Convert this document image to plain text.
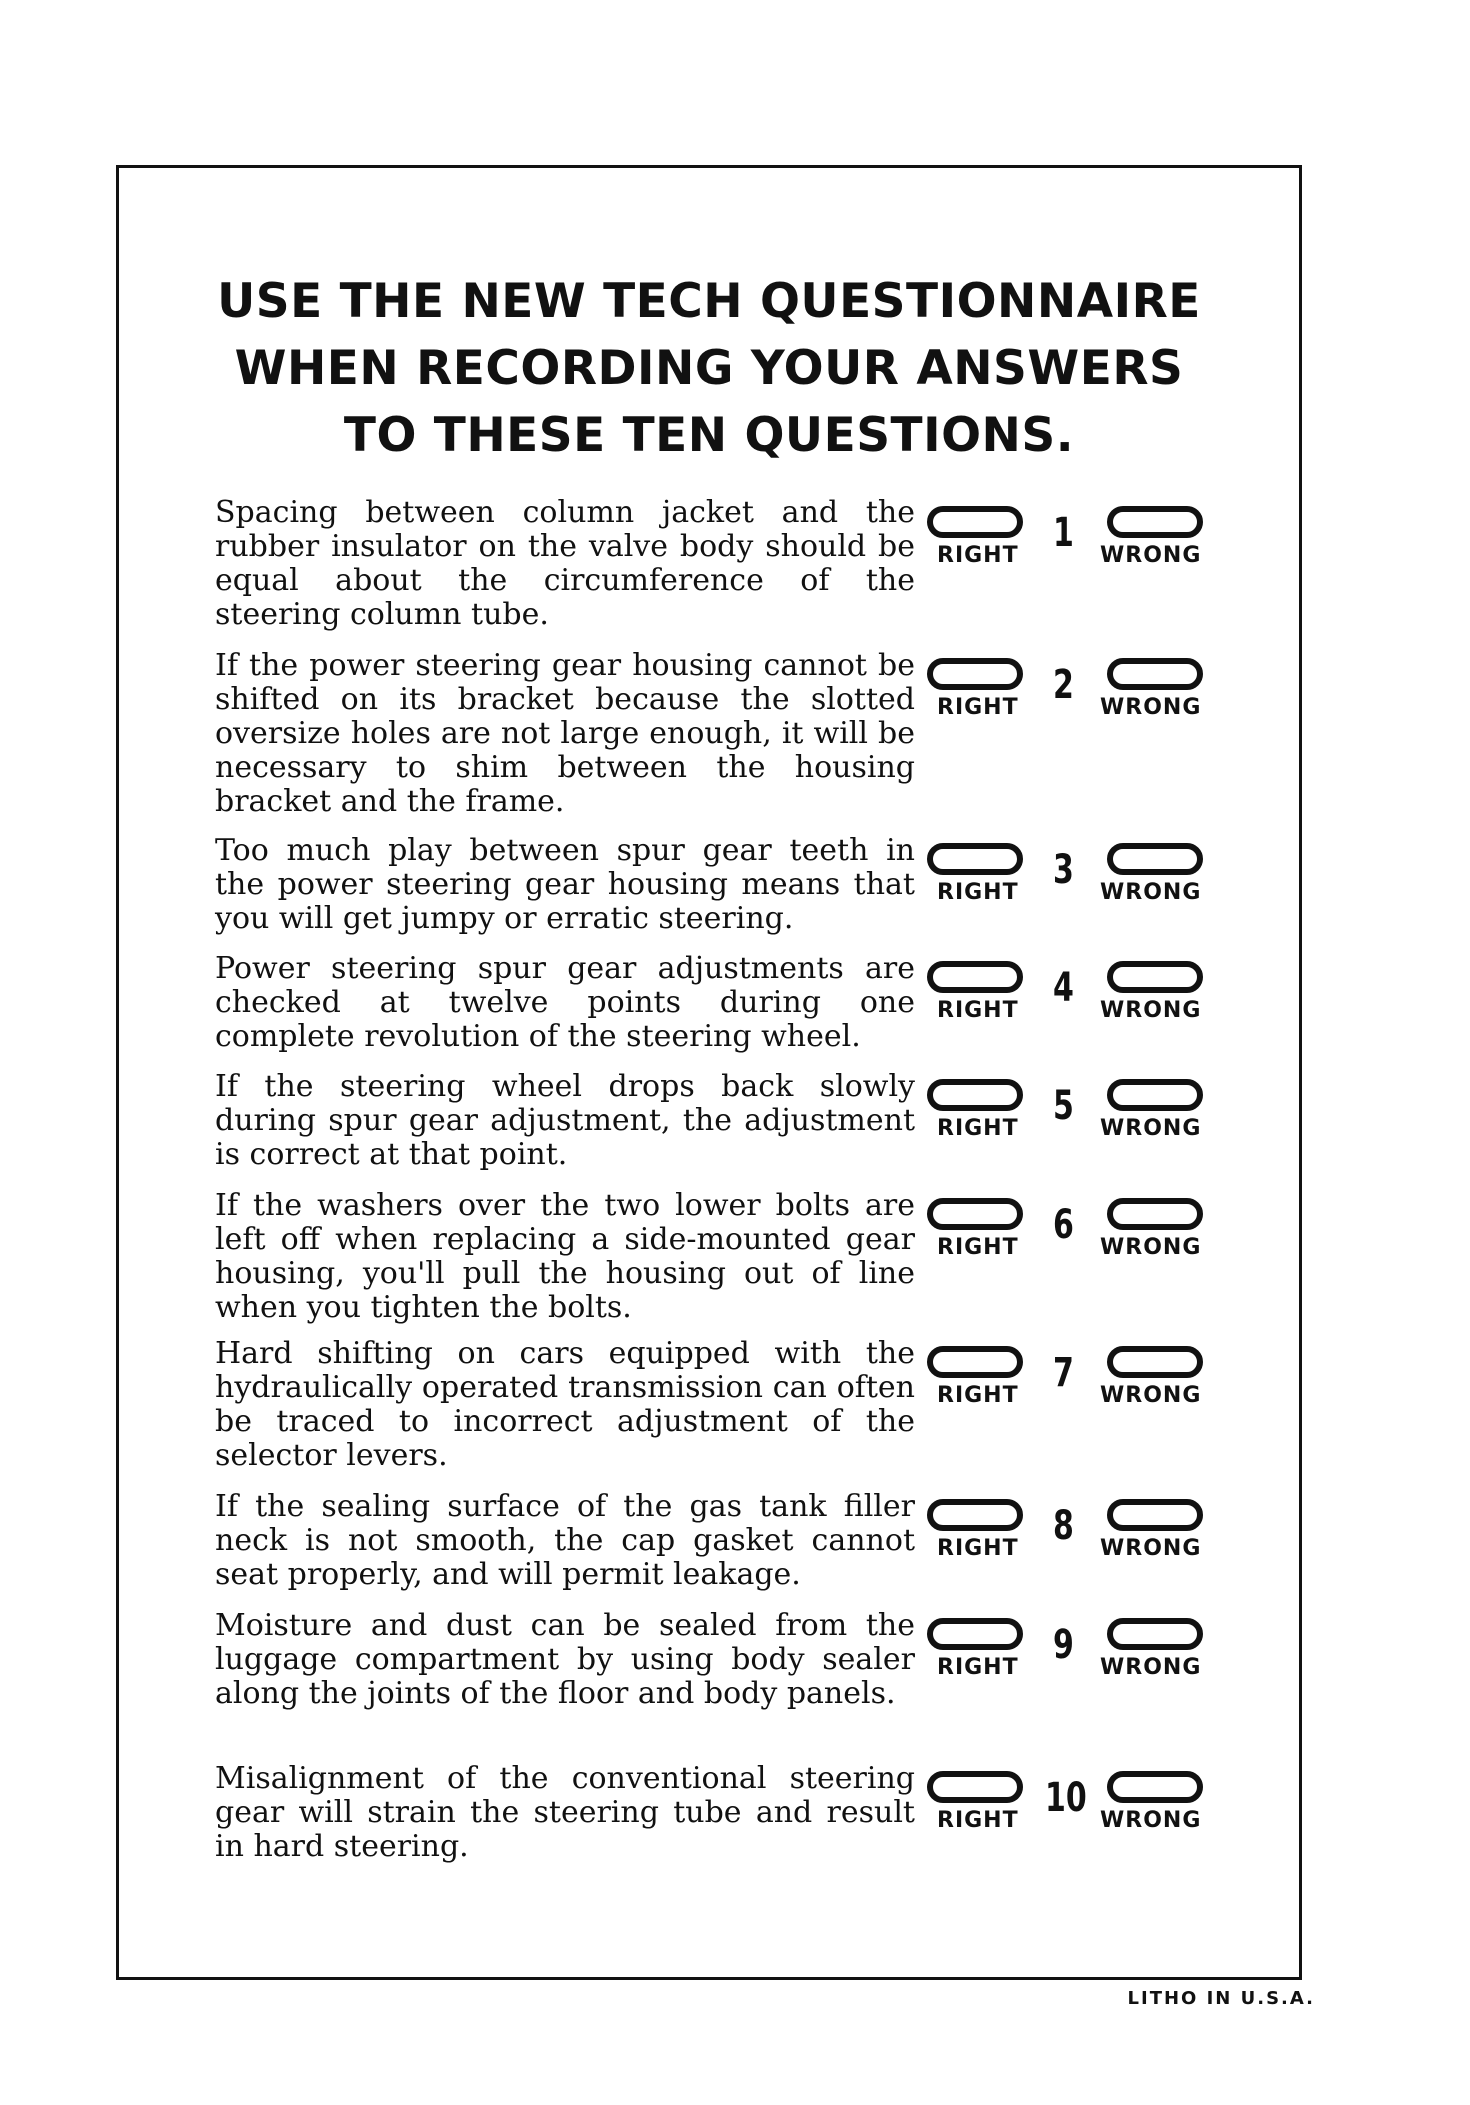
USE THE NEW TECH QUESTIONNAIRE
WHEN RECORDING YOUR ANSWERS
TO THESE TEN QUESTIONS.

Spacing between column jacket and the rubber insulator on the valve body should be equal about the circumference of the steering column tube.

RIGHT 1 WRONG

If the power steering gear housing cannot be shifted on its bracket because the slotted oversize holes are not large enough, it will be necessary to shim between the housing bracket and the frame.

RIGHT 2 WRONG

Too much play between spur gear teeth in the power steering gear housing means that you will get jumpy or erratic steering.

RIGHT 3 WRONG

Power steering spur gear adjustments are checked at twelve points during one complete revolution of the steering wheel.

RIGHT 4 WRONG

If the steering wheel drops back slowly during spur gear adjustment, the adjustment is correct at that point.

RIGHT 5 WRONG

If the washers over the two lower bolts are left off when replacing a side-mounted gear housing, you'll pull the housing out of line when you tighten the bolts.

RIGHT 6 WRONG

Hard shifting on cars equipped with the hydraulically operated transmission can often be traced to incorrect adjustment of the selector levers.

RIGHT 7 WRONG

If the sealing surface of the gas tank filler neck is not smooth, the cap gasket cannot seat properly, and will permit leakage.

RIGHT 8 WRONG

Moisture and dust can be sealed from the luggage compartment by using body sealer along the joints of the floor and body panels.

RIGHT 9 WRONG

Misalignment of the conventional steering gear will strain the steering tube and result in hard steering.

RIGHT 10 WRONG
LITHO IN U.S.A.
